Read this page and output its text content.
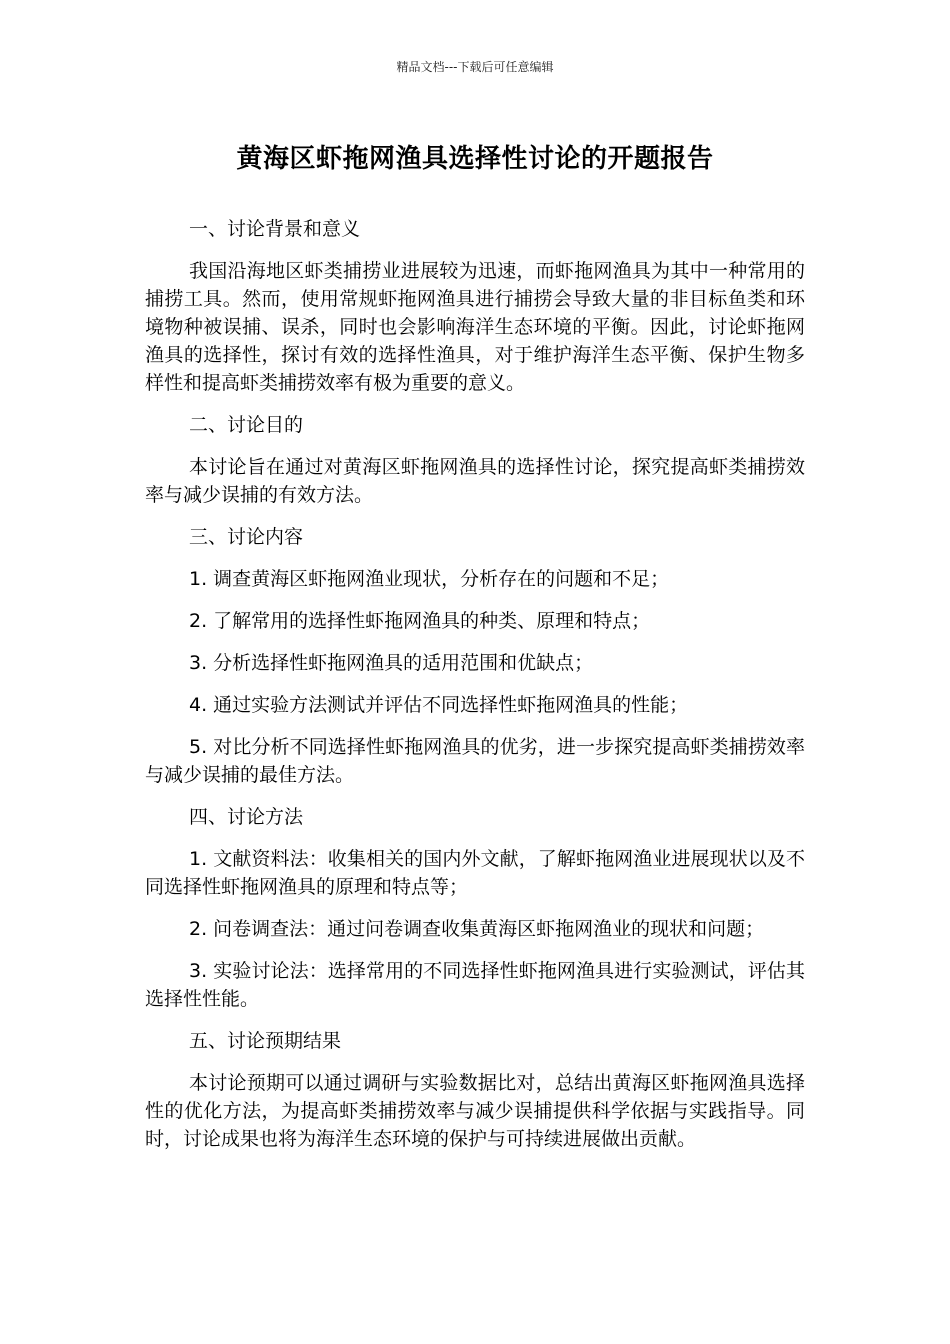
精品文档---下载后可任意编辑
黄海区虾拖网渔具选择性讨论的开题报告

一、讨论背景和意义

我国沿海地区虾类捕捞业进展较为迅速，而虾拖网渔具为其中一种常用的捕捞工具。然而，使用常规虾拖网渔具进行捕捞会导致大量的非目标鱼类和环境物种被误捕、误杀，同时也会影响海洋生态环境的平衡。因此，讨论虾拖网渔具的选择性，探讨有效的选择性渔具，对于维护海洋生态平衡、保护生物多样性和提高虾类捕捞效率有极为重要的意义。

二、讨论目的

本讨论旨在通过对黄海区虾拖网渔具的选择性讨论，探究提高虾类捕捞效率与减少误捕的有效方法。

三、讨论内容

1. 调查黄海区虾拖网渔业现状，分析存在的问题和不足；

2. 了解常用的选择性虾拖网渔具的种类、原理和特点；

3. 分析选择性虾拖网渔具的适用范围和优缺点；

4. 通过实验方法测试并评估不同选择性虾拖网渔具的性能；

5. 对比分析不同选择性虾拖网渔具的优劣，进一步探究提高虾类捕捞效率与减少误捕的最佳方法。

四、讨论方法

1. 文献资料法：收集相关的国内外文献，了解虾拖网渔业进展现状以及不同选择性虾拖网渔具的原理和特点等；

2. 问卷调查法：通过问卷调查收集黄海区虾拖网渔业的现状和问题；

3. 实验讨论法：选择常用的不同选择性虾拖网渔具进行实验测试，评估其选择性性能。

五、讨论预期结果

本讨论预期可以通过调研与实验数据比对，总结出黄海区虾拖网渔具选择性的优化方法，为提高虾类捕捞效率与减少误捕提供科学依据与实践指导。同时，讨论成果也将为海洋生态环境的保护与可持续进展做出贡献。
